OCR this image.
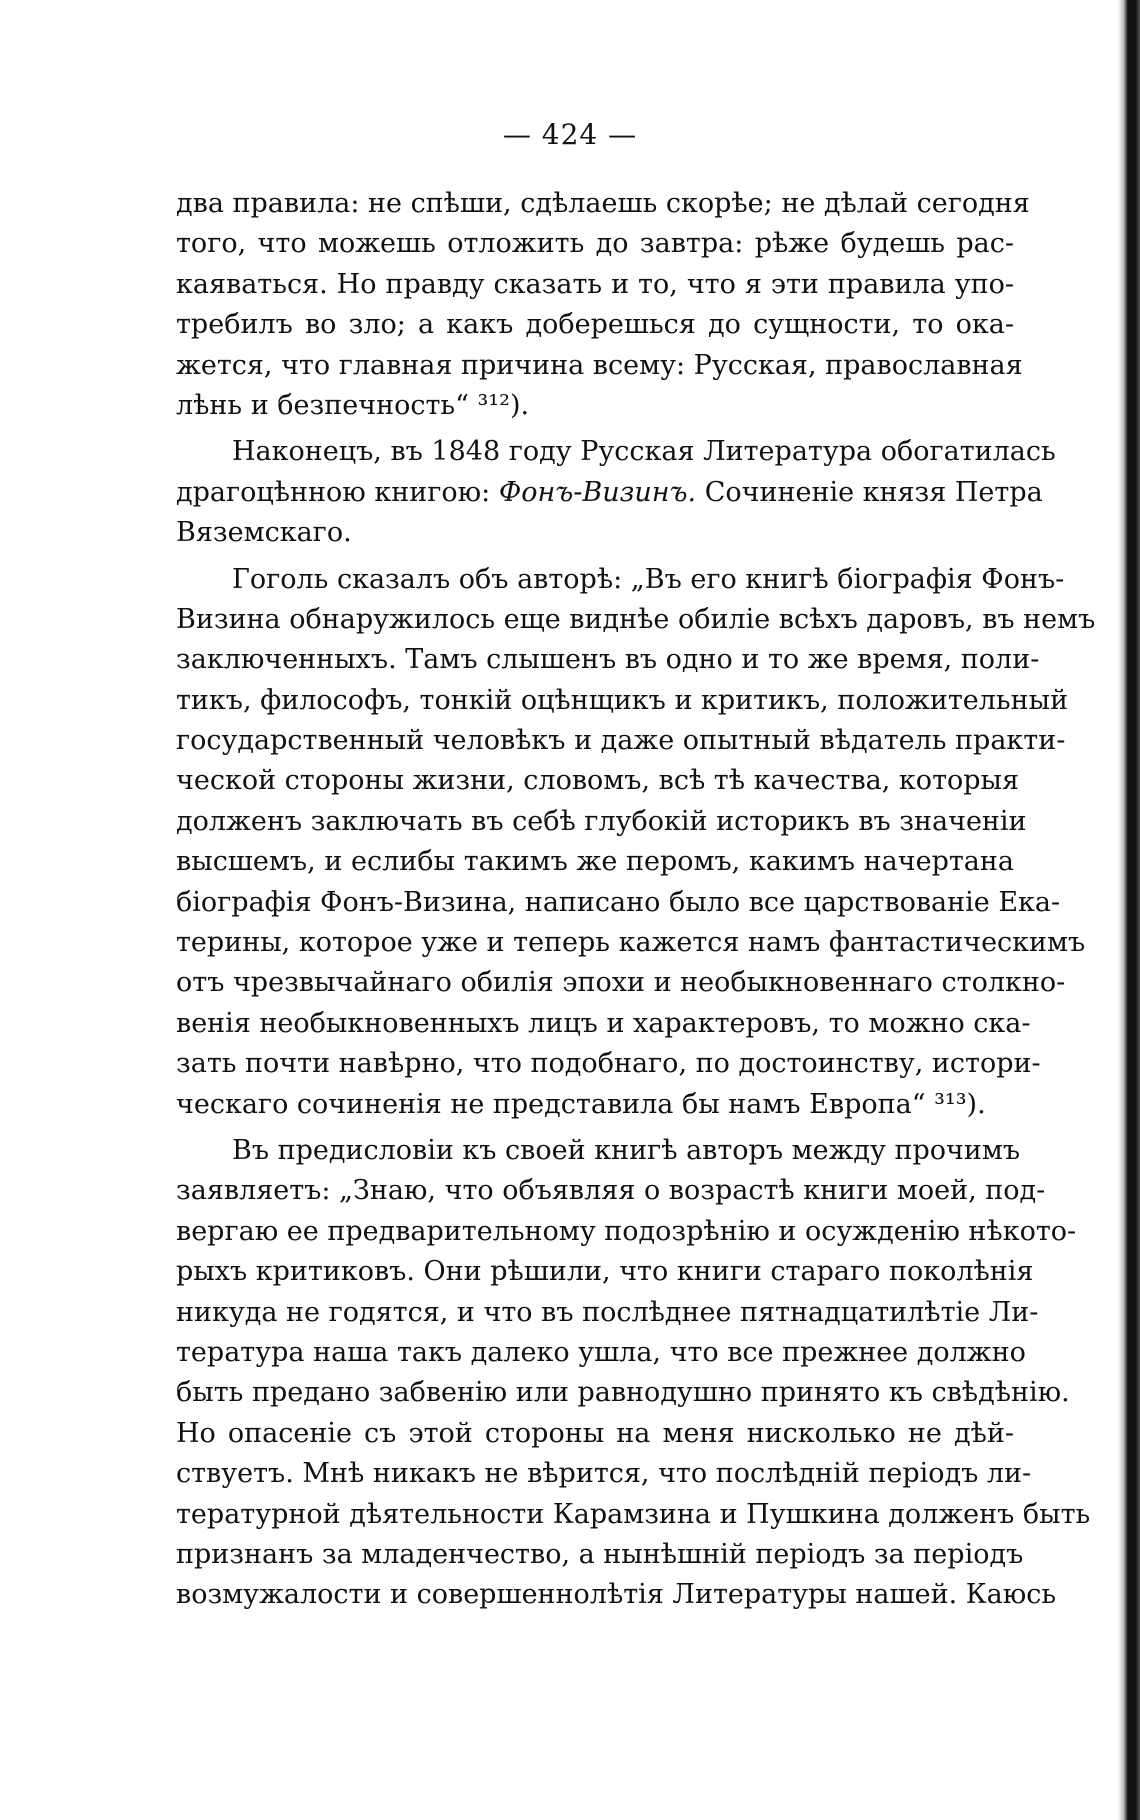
— 424 —
два правила: не спѣши, сдѣлаешь скорѣе; не дѣлай сегодня
того, что можешь отложить до завтра: рѣже будешь рас-
каяваться. Но правду сказать и то, что я эти правила упо-
требилъ во зло; а какъ доберешься до сущности, то ока-
жется, что главная причина всему: Русская, православная
лѣнь и безпечность“ ³¹²).
Наконецъ, въ 1848 году Русская Литература обогатилась
драгоцѣнною книгою: Фонъ-Визинъ. Сочиненіе князя Петра
Вяземскаго.
Гоголь сказалъ объ авторѣ: „Въ его книгѣ біографія Фонъ-
Визина обнаружилось еще виднѣе обиліе всѣхъ даровъ, въ немъ
заключенныхъ. Тамъ слышенъ въ одно и то же время, поли-
тикъ, философъ, тонкій оцѣнщикъ и критикъ, положительный
государственный человѣкъ и даже опытный вѣдатель практи-
ческой стороны жизни, словомъ, всѣ тѣ качества, которыя
долженъ заключать въ себѣ глубокій историкъ въ значеніи
высшемъ, и еслибы такимъ же перомъ, какимъ начертана
біографія Фонъ-Визина, написано было все царствованіе Ека-
терины, которое уже и теперь кажется намъ фантастическимъ
отъ чрезвычайнаго обилія эпохи и необыкновеннаго столкно-
венія необыкновенныхъ лицъ и характеровъ, то можно ска-
зать почти навѣрно, что подобнаго, по достоинству, истори-
ческаго сочиненія не представила бы намъ Европа“ ³¹³).
Въ предисловіи къ своей книгѣ авторъ между прочимъ
заявляетъ: „Знаю, что объявляя о возрастѣ книги моей, под-
вергаю ее предварительному подозрѣнію и осужденію нѣкото-
рыхъ критиковъ. Они рѣшили, что книги стараго поколѣнія
никуда не годятся, и что въ послѣднее пятнадцатилѣтіе Ли-
тература наша такъ далеко ушла, что все прежнее должно
быть предано забвенію или равнодушно принято къ свѣдѣнію.
Но опасеніе съ этой стороны на меня нисколько не дѣй-
ствуетъ. Мнѣ никакъ не вѣрится, что послѣдній періодъ ли-
тературной дѣятельности Карамзина и Пушкина долженъ быть
признанъ за младенчество, а нынѣшній періодъ за періодъ
возмужалости и совершеннолѣтія Литературы нашей. Каюсь
